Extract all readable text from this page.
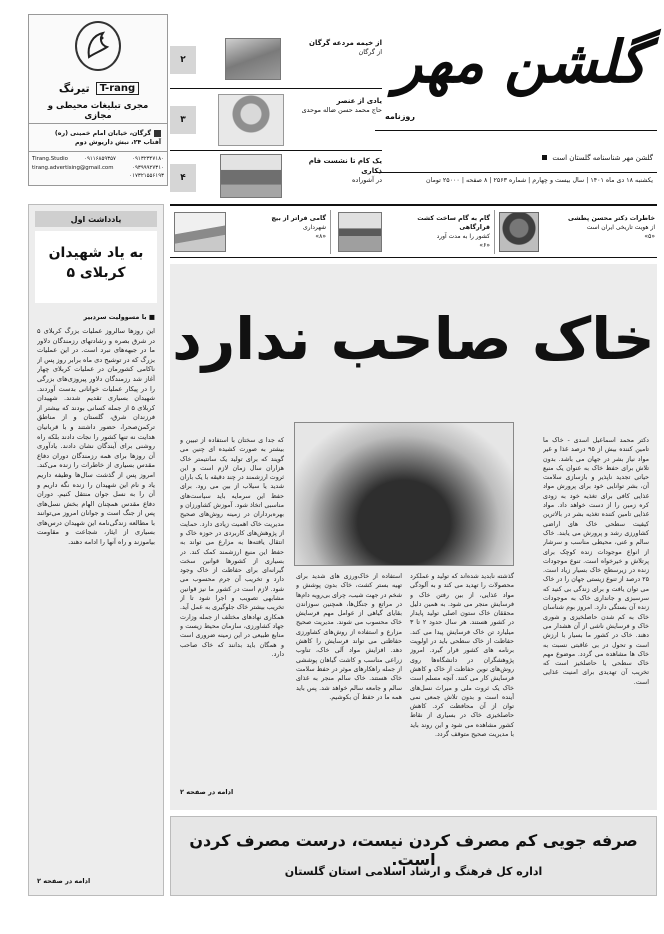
گلشن مهر
روزنامه
گلشن مهر شناسنامه گلستان است
یکشنبه ۱۸ دی ماه ۱۴۰۱ | سال بیست و چهارم | شماره ۲۵۶۳ | ۸ صفحه | ۲۵۰۰۰ تومان
۲
از خیمه مردعه گرگان
از گرگان
۳
یادی از عنصر
حاج محمد حسن ضاله موحدی
۴
یک کام تا نشست فام ذکاری
در آشوراده
تیرنگ	T-rang
مجری تبلیغات محیطی و مجازی
گرگان، خیابان امام خمینی (ره)
آفتاب ۲۴، نبش داریوش دوم
Tirang.Studio	۰۹۱۱۶۸۵۹۳۵۷	۰۹۱۳۲۳۴۷۱۸۰
tirang.advertising@gmail.com	۰۹۳۹۹۹۲۷۳۱۰
۰۱۷۳۲۱۵۵۶۱۹۳
خاطرات دکتر محسن پطشی
از هویت تاریخی ایران است
«۵»
گام به گام ساخت کشت قرارگاهی
کشور را به مدت آورد
«۶»
گامی فراتر از بیچ
شهرداری
«۸»
یادداشت اول
به یاد شهیدان
کربلای ۵
■ با مسوولیت سردبیر
این روزها سالروز عملیات بزرگ کربلای ۵ در شرق بصره و رشادتهای رزمندگان دلاور ما در جبهه‌های نبرد است. در این عملیات بزرگ که در توشیح دی ماه برابر روز پس از ناکامی کشورمان در عملیات کربلای چهار آغاز شد رزمندگان دلاور پیروزی‌های بزرگی را در پیکار عملیات خوانانی بدست آوردند. شهیدان بسیاری تقدیم شدند. شهیدان کربلای ۵ از جمله کسانی بودند که بیشتر از فرزندان شرق، گلستان و از مناطق ترکمن‌صحرا، حضور داشتند و با قربانیان هدایت نه تنها کشور را نجات دادند بلکه راه روشنی برای آیندگان نشان دادند. یادآوری آن روزها برای همه رزمندگان دوران دفاع مقدس بسیاری از خاطرات را زنده می‌کند. امروز پس از گذشت سال‌ها وظیفه داریم یاد و نام این شهیدان را زنده نگه داریم و آن را به نسل جوان منتقل کنیم. دوران دفاع مقدس همچنان الهام بخش نسل‌های پس از جنگ است و جوانان امروز می‌توانند با مطالعه زندگی‌نامه این شهیدان درس‌های بسیاری از ایثار، شجاعت و مقاومت بیاموزند و راه آنها را ادامه دهند.
ادامه در صفحه ۲
خاک صاحب ندارد
دکتر محمد اسماعیل اسدی - خاک ما تامین کننده بیش از ۹۵ درصد غذا و غیر مواد نیاز بشر در جهان می باشد. بدون تلاش برای حفظ خاک به عنوان یک منبع حیاتی تجدید ناپذیر و بازسازی سلامت آن، بشر توانایی خود برای پرورش مواد غذایی کافی برای تغذیه خود به زودی کره زمین را از دست خواهد داد. مواد غذایی تامین کننده تغذیه بشر در بالاترین کیفیت سطحی خاک های اراضی کشاورزی رشد و پرورش می یابند. خاک سالم و غنی، محیطی مناسب و سرشار از انواع موجودات زنده کوچک برای پرتلاش و خیرخواه است. تنوع موجودات زنده در زیرسطح خاک بسیار زیاد است. ۲۵ درصد از تنوع زیستی جهان را در خاک می توان یافت و برای زندگی بی کنید که سرسبزی و جانداری خاک به موجودات زنده آن بستگی دارد. امروز بوم شناسان خاک به کم شدن حاصلخیزی و شوری خاک و فرسایش ناشی از آن هشدار می دهند. خاک در کشور ما بسیار با ارزش است و تحول در بی عاقبتی نسبت به خاک ها مشاهده می گردد. موضوع مهم خاک سطحی یا حاصلخیز است که تخریب آن تهدیدی برای امنیت غذایی است.
گذشته نابدید شده‌اند که تولید و عملکرد محصولات را تهدید می کند و به آلودگی مواد غذایی، از بین رفتن خاک و فرسایش منجر می شود. به همین دلیل محققان خاک ستون اصلی تولید پایدار در کشور هستند. هر سال حدود ۲ تا ۳ میلیارد تن خاک فرسایش پیدا می کند. حفاظت از خاک سطحی باید در اولویت برنامه های کشور قرار گیرد. امروز پژوهشگران در دانشگاه‌ها روی روش‌های نوین حفاظت از خاک و کاهش فرسایش کار می کنند. آنچه مسلم است خاک یک ثروت ملی و میراث نسل‌های آینده است و بدون تلاش جمعی نمی توان از آن محافظت کرد. کاهش حاصلخیزی خاک در بسیاری از نقاط کشور مشاهده می شود و این روند باید با مدیریت صحیح متوقف گردد.
استفاده از خاک‌ورزی های شدید برای تهیه بستر کشت، خاک بدون پوشش و شخم در جهت شیب، چرای بی‌رویه دام‌ها در مراتع و جنگل‌ها، همچنین سوزاندن بقایای گیاهی از عوامل مهم فرسایش خاک محسوب می شوند. مدیریت صحیح مزارع و استفاده از روش‌های کشاورزی حفاظتی می تواند فرسایش را کاهش دهد. افزایش مواد آلی خاک، تناوب زراعی مناسب و کاشت گیاهان پوششی از جمله راهکارهای موثر در حفظ سلامت خاک هستند. خاک سالم منجر به غذای سالم و جامعه سالم خواهد شد. پس باید همه ما در حفظ آن بکوشیم.
که جدا ی سختان با استفاده از تبیین و بیشتر به صورت کشیده ای چنین می گویند که برای تولید یک سانتیمتر خاک هزاران سال زمان لازم است و این ثروت ارزشمند در چند دقیقه با یک باران شدید یا سیلاب از بین می رود. برای حفظ این سرمایه باید سیاست‌های مناسبی اتخاذ شود. آموزش کشاورزان و بهره‌برداران در زمینه روش‌های صحیح مدیریت خاک اهمیت زیادی دارد. حمایت از پژوهش‌های کاربردی در حوزه خاک و انتقال یافته‌ها به مزارع می تواند به حفظ این منبع ارزشمند کمک کند. در بسیاری از کشورها قوانین سخت گیرانه‌ای برای حفاظت از خاک وجود دارد و تخریب آن جرم محسوب می شود. لازم است در کشور ما نیز قوانین مشابهی تصویب و اجرا شود تا از تخریب بیشتر خاک جلوگیری به عمل آید. همکاری نهادهای مختلف از جمله وزارت جهاد کشاورزی، سازمان محیط زیست و منابع طبیعی در این زمینه ضروری است و همگان باید بدانند که خاک صاحب دارد.
ادامه در صفحه ۲
صرفه جویی کم مصرف کردن نیست، درست مصرف کردن است.
اداره کل فرهنگ و ارشاد اسلامی استان گلستان
